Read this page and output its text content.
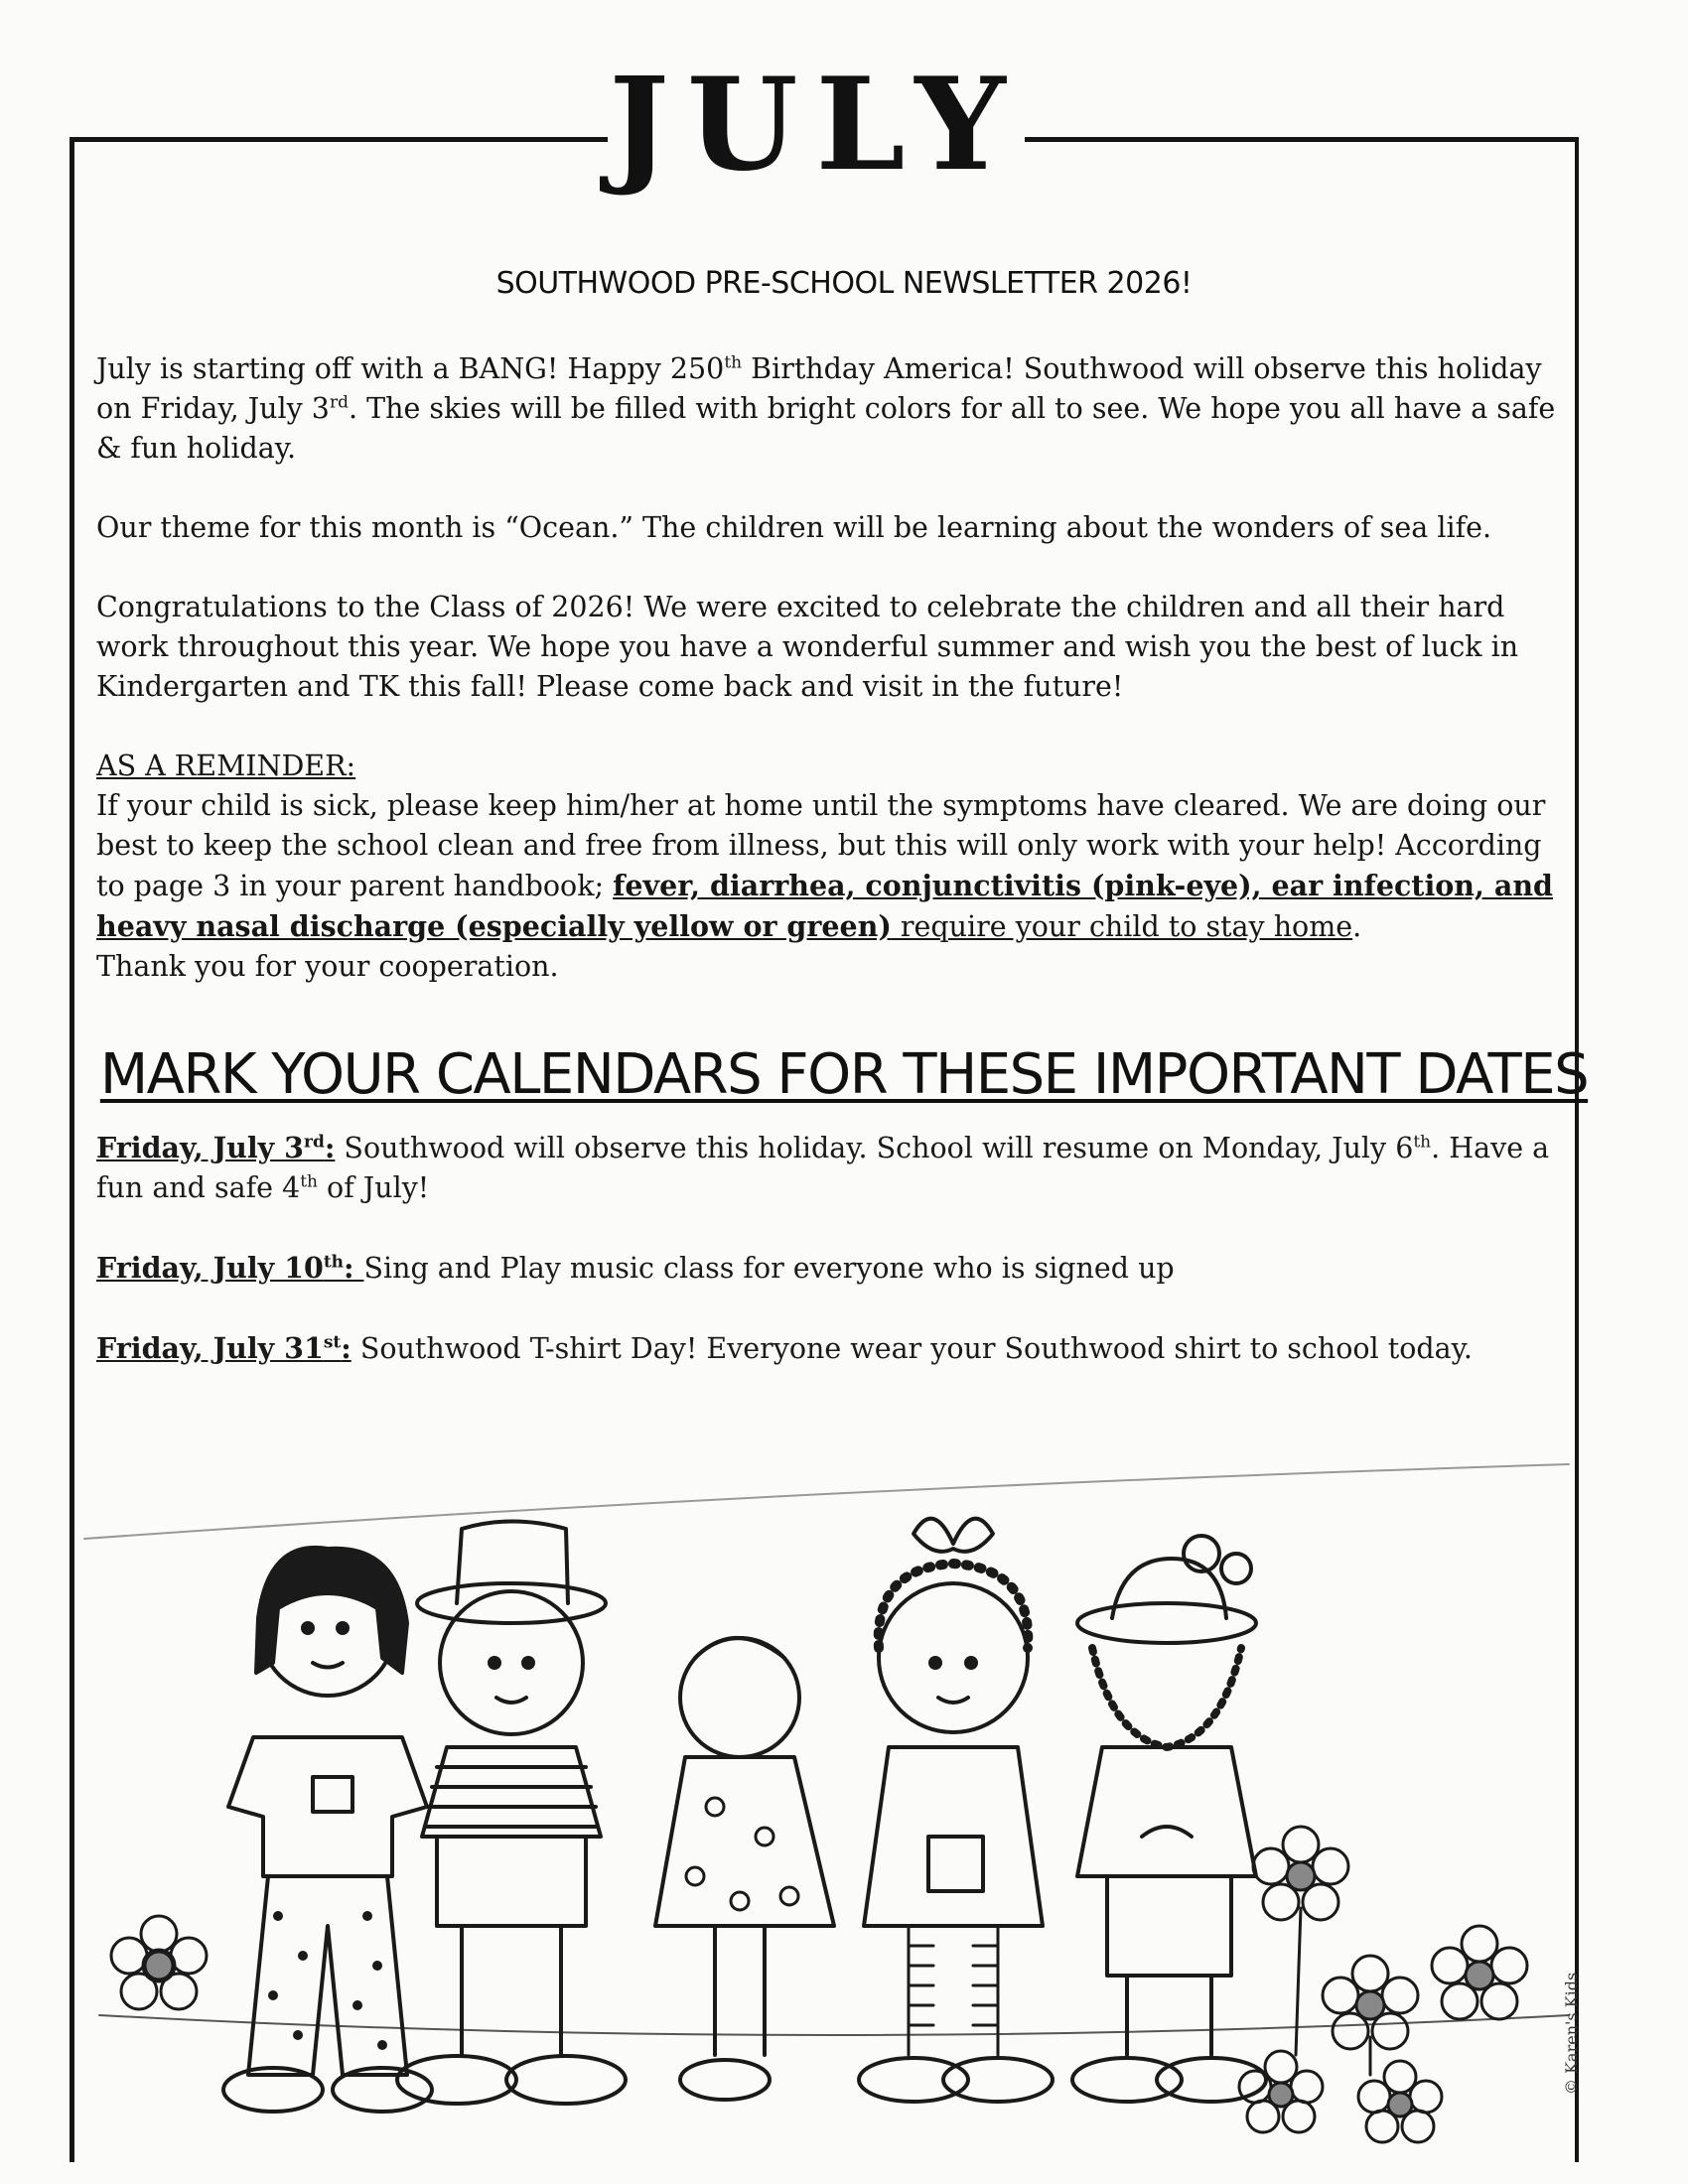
JULY
SOUTHWOOD PRE-SCHOOL NEWSLETTER 2026!

July is starting off with a BANG! Happy 250th Birthday America! Southwood will observe this holiday on Friday, July 3rd. The skies will be filled with bright colors for all to see. We hope you all have a safe & fun holiday.

Our theme for this month is “Ocean.” The children will be learning about the wonders of sea life.

Congratulations to the Class of 2026! We were excited to celebrate the children and all their hard work throughout this year. We hope you have a wonderful summer and wish you the best of luck in Kindergarten and TK this fall! Please come back and visit in the future!

AS A REMINDER:
If your child is sick, please keep him/her at home until the symptoms have cleared. We are doing our best to keep the school clean and free from illness, but this will only work with your help! According to page 3 in your parent handbook; fever, diarrhea, conjunctivitis (pink-eye), ear infection, and heavy nasal discharge (especially yellow or green) require your child to stay home.
Thank you for your cooperation.

MARK YOUR CALENDARS FOR THESE IMPORTANT DATES

Friday, July 3rd: Southwood will observe this holiday. School will resume on Monday, July 6th. Have a fun and safe 4th of July!

Friday, July 10th: Sing and Play music class for everyone who is signed up

Friday, July 31st: Southwood T-shirt Day! Everyone wear your Southwood shirt to school today.

© Karen's Kids
